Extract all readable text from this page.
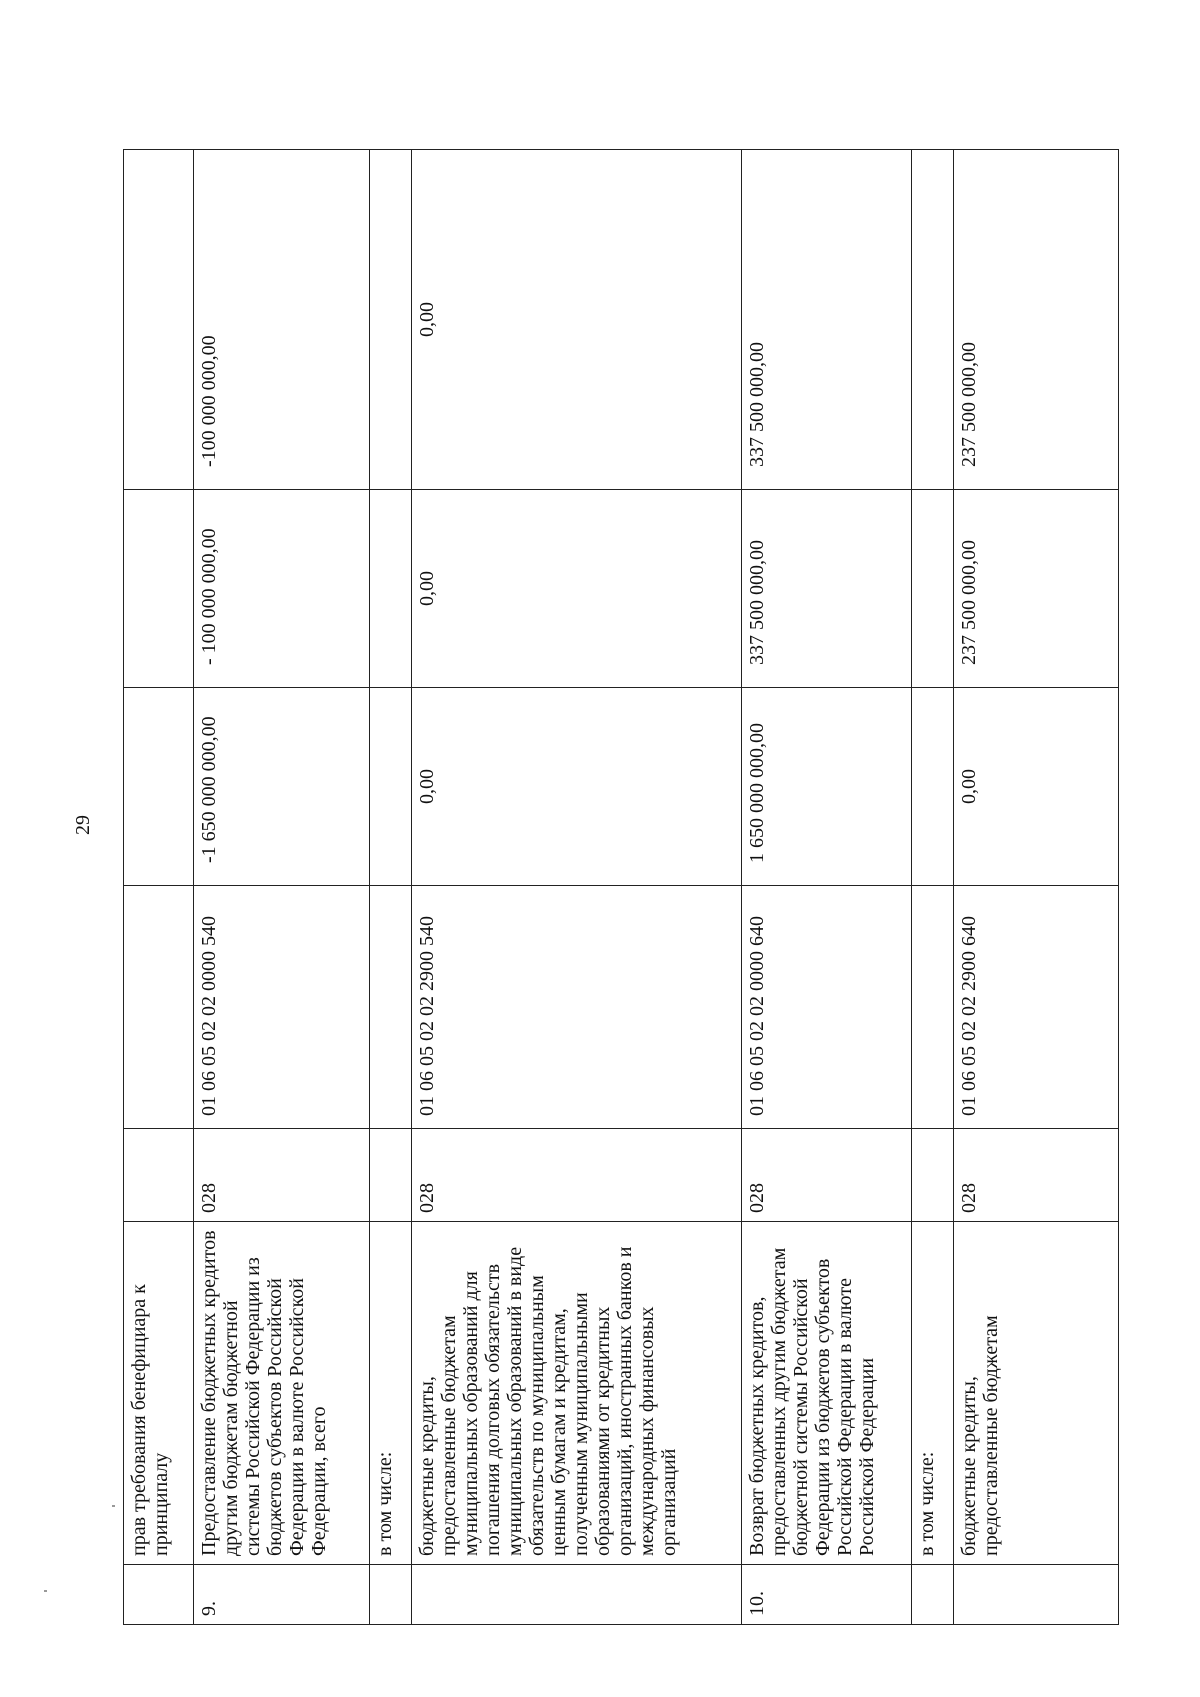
29
	прав требования бенефициара к принципалу					
9.	Предоставление бюджетных кредитов другим бюджетам бюджетной системы Российской Федерации из бюджетов субъектов Российской Федерации в валюте Российской Федерации, всего	028	01 06 05 02 02 0000 540	-1 650 000 000,00	- 100 000 000,00	-100 000 000,00
	в том числе:					
	бюджетные кредиты, предоставленные бюджетам муниципальных образований для погашения долговых обязательств муниципальных образований в виде обязательств по муниципальным ценным бумагам и кредитам, полученным муниципальными образованиями от кредитных организаций, иностранных банков и международных финансовых организаций	028	01 06 05 02 02 2900 540	0,00	0,00	0,00
10.	Возврат бюджетных кредитов, предоставленных другим бюджетам бюджетной системы Российской Федерации из бюджетов субъектов Российской Федерации в валюте Российской Федерации	028	01 06 05 02 02 0000 640	1 650 000 000,00	337 500 000,00	337 500 000,00
	в том числе:					
	бюджетные кредиты, предоставленные бюджетам	028	01 06 05 02 02 2900 640	0,00	237 500 000,00	237 500 000,00
